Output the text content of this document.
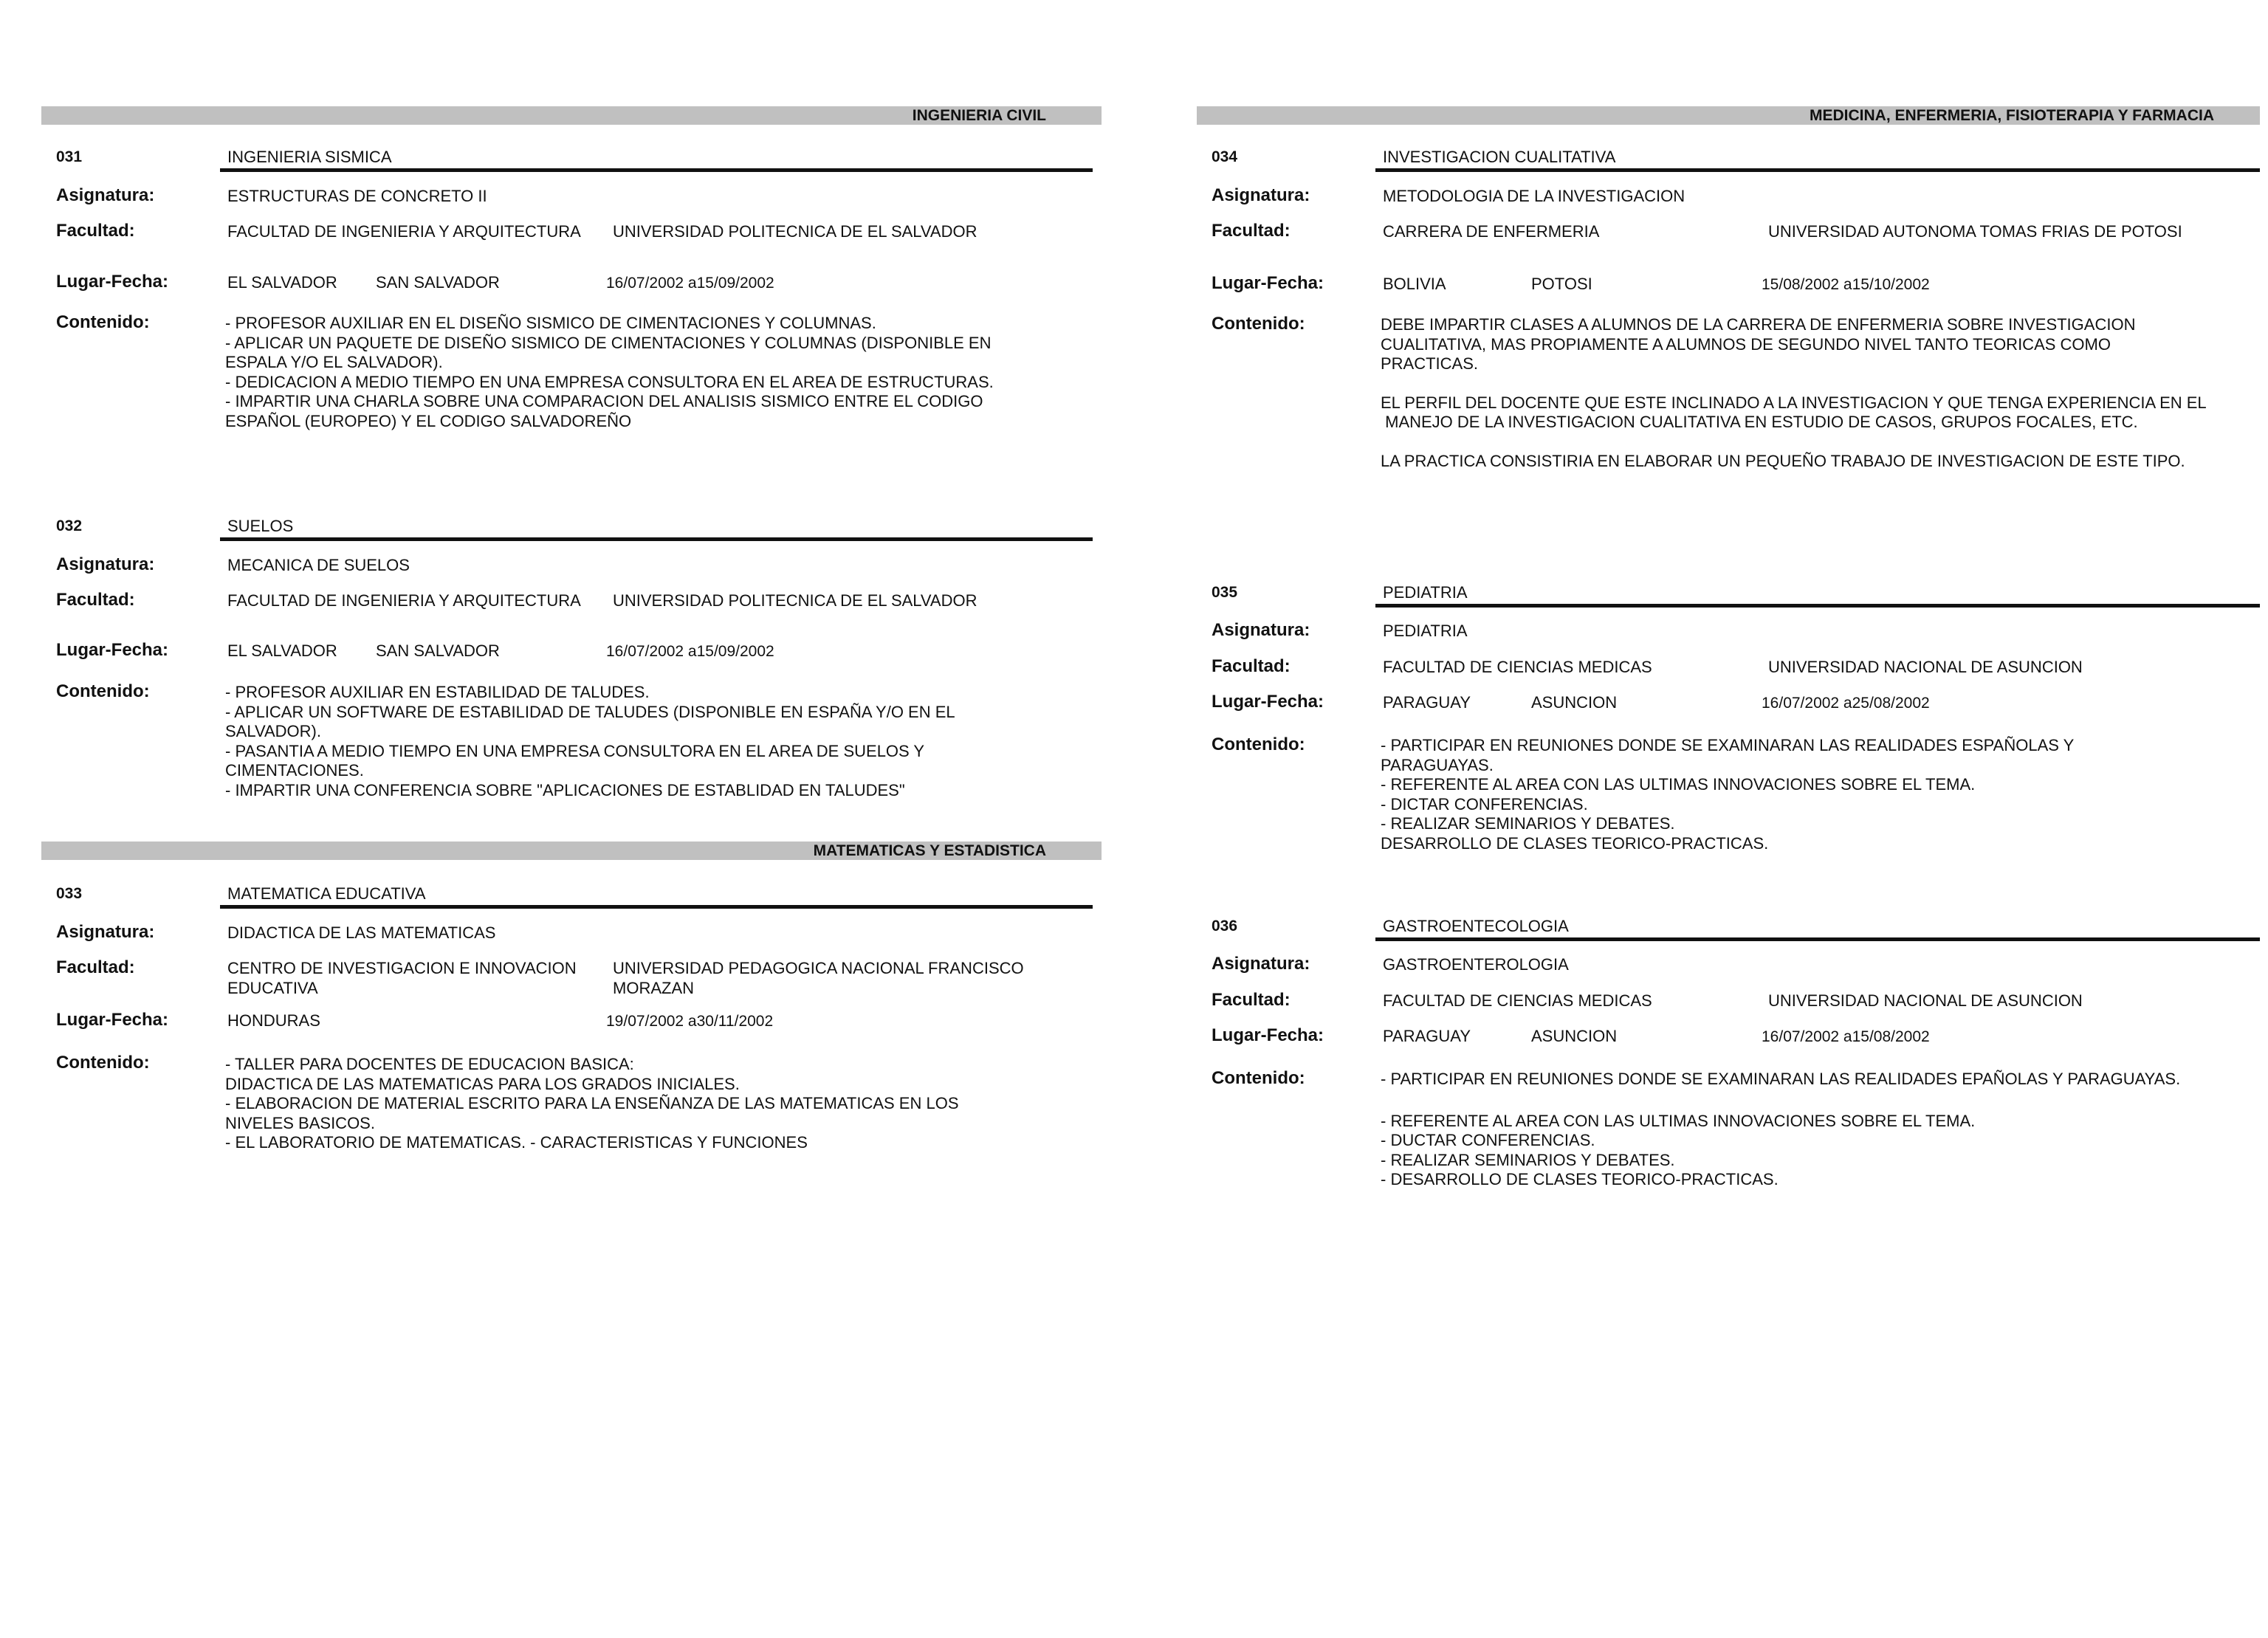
INGENIERIA CIVIL
031	INGENIERIA SISMICA
Asignatura:	ESTRUCTURAS DE CONCRETO II
Facultad:	FACULTAD DE INGENIERIA Y ARQUITECTURA UNIVERSIDAD POLITECNICA DE EL SALVADOR
Lugar-Fecha:	EL SALVADOR SAN SALVADOR	16/07/2002 a15/09/2002
Contenido:	- PROFESOR AUXILIAR EN EL DISEÑO SISMICO DE CIMENTACIONES Y COLUMNAS.
- APLICAR UN PAQUETE DE DISEÑO SISMICO DE CIMENTACIONES Y COLUMNAS (DISPONIBLE EN
ESPALA Y/O EL SALVADOR).
- DEDICACION A MEDIO TIEMPO EN UNA EMPRESA CONSULTORA EN EL AREA DE ESTRUCTURAS.
- IMPARTIR UNA CHARLA SOBRE UNA COMPARACION DEL ANALISIS SISMICO ENTRE EL CODIGO
ESPAÑOL (EUROPEO) Y EL CODIGO SALVADOREÑO
032	SUELOS
Asignatura:	MECANICA DE SUELOS
Facultad:	FACULTAD DE INGENIERIA Y ARQUITECTURA UNIVERSIDAD POLITECNICA DE EL SALVADOR
Lugar-Fecha:	EL SALVADOR SAN SALVADOR	16/07/2002 a15/09/2002
Contenido:	- PROFESOR AUXILIAR EN ESTABILIDAD DE TALUDES.
- APLICAR UN SOFTWARE DE ESTABILIDAD DE TALUDES (DISPONIBLE EN ESPAÑA Y/O EN EL
SALVADOR).
- PASANTIA A MEDIO TIEMPO EN UNA EMPRESA CONSULTORA EN EL AREA DE SUELOS Y
CIMENTACIONES.
- IMPARTIR UNA CONFERENCIA SOBRE "APLICACIONES DE ESTABLIDAD EN TALUDES"
MATEMATICAS Y ESTADISTICA
033	MATEMATICA EDUCATIVA
Asignatura:	DIDACTICA DE LAS MATEMATICAS
Facultad:	CENTRO DE INVESTIGACION E INNOVACION
EDUCATIVA
UNIVERSIDAD PEDAGOGICA NACIONAL FRANCISCO
MORAZAN
Lugar-Fecha:	HONDURAS	19/07/2002 a30/11/2002
Contenido:	- TALLER PARA DOCENTES DE EDUCACION BASICA:
DIDACTICA DE LAS MATEMATICAS PARA LOS GRADOS INICIALES.
- ELABORACION DE MATERIAL ESCRITO PARA LA ENSEÑANZA DE LAS MATEMATICAS EN LOS
NIVELES BASICOS.
- EL LABORATORIO DE MATEMATICAS. - CARACTERISTICAS Y FUNCIONES
MEDICINA, ENFERMERIA, FISIOTERAPIA Y FARMACIA
034	INVESTIGACION CUALITATIVA
Asignatura:	METODOLOGIA DE LA INVESTIGACION
Facultad:	CARRERA DE ENFERMERIA	UNIVERSIDAD AUTONOMA TOMAS FRIAS DE POTOSI
Lugar-Fecha:	BOLIVIA	POTOSI	15/08/2002 a15/10/2002
Contenido:	DEBE IMPARTIR CLASES A ALUMNOS DE LA CARRERA DE ENFERMERIA SOBRE INVESTIGACION
CUALITATIVA, MAS PROPIAMENTE A ALUMNOS DE SEGUNDO NIVEL TANTO TEORICAS COMO
PRACTICAS.
EL PERFIL DEL DOCENTE QUE ESTE INCLINADO A LA INVESTIGACION Y QUE TENGA EXPERIENCIA EN EL
MANEJO DE LA INVESTIGACION CUALITATIVA EN ESTUDIO DE CASOS, GRUPOS FOCALES, ETC.
LA PRACTICA CONSISTIRIA EN ELABORAR UN PEQUEÑO TRABAJO DE INVESTIGACION DE ESTE TIPO.
035	PEDIATRIA
Asignatura:	PEDIATRIA
Facultad:	FACULTAD DE CIENCIAS MEDICAS	UNIVERSIDAD NACIONAL DE ASUNCION
Lugar-Fecha:	PARAGUAY	ASUNCION	16/07/2002 a25/08/2002
Contenido:	- PARTICIPAR EN REUNIONES DONDE SE EXAMINARAN LAS REALIDADES ESPAÑOLAS Y
PARAGUAYAS.
- REFERENTE AL AREA CON LAS ULTIMAS INNOVACIONES SOBRE EL TEMA.
- DICTAR CONFERENCIAS.
- REALIZAR SEMINARIOS Y DEBATES.
DESARROLLO DE CLASES TEORICO-PRACTICAS.
036	GASTROENTECOLOGIA
Asignatura:	GASTROENTEROLOGIA
Facultad:	FACULTAD DE CIENCIAS MEDICAS	UNIVERSIDAD NACIONAL DE ASUNCION
Lugar-Fecha:	PARAGUAY	ASUNCION	16/07/2002 a15/08/2002
Contenido:	- PARTICIPAR EN REUNIONES DONDE SE EXAMINARAN LAS REALIDADES EPAÑOLAS Y PARAGUAYAS.
- REFERENTE AL AREA CON LAS ULTIMAS INNOVACIONES SOBRE EL TEMA.
- DUCTAR CONFERENCIAS.
- REALIZAR SEMINARIOS Y DEBATES.
- DESARROLLO DE CLASES TEORICO-PRACTICAS.
